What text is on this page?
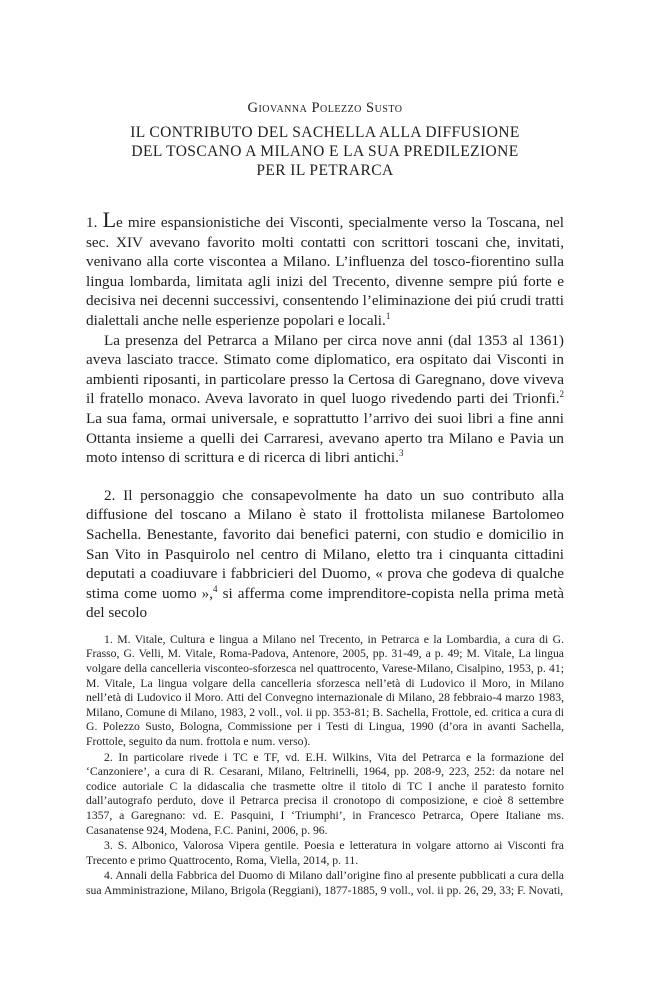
Giovanna Polezzo Susto
IL CONTRIBUTO DEL SACHELLA ALLA DIFFUSIONE
DEL TOSCANO A MILANO E LA SUA PREDILEZIONE
PER IL PETRARCA

1. Le mire espansionistiche dei Visconti, specialmente verso la Toscana, nel sec. XIV avevano favorito molti contatti con scrittori toscani che, invitati, venivano alla corte viscontea a Milano. L’influenza del tosco-fiorentino sulla lingua lombarda, limitata agli inizi del Trecento, divenne sempre piú forte e decisiva nei decenni successivi, consentendo l’eliminazione dei piú crudi tratti dialettali anche nelle esperienze popolari e locali.$^1$

La presenza del Petrarca a Milano per circa nove anni (dal 1353 al 1361) aveva lasciato tracce. Stimato come diplomatico, era ospitato dai Visconti in ambienti riposanti, in particolare presso la Certosa di Garegnano, dove viveva il fratello monaco. Aveva lavorato in quel luogo rivedendo parti dei Trionfi.$^2$ La sua fama, ormai universale, e soprattutto l’arrivo dei suoi libri a fine anni Ottanta insieme a quelli dei Carraresi, avevano aperto tra Milano e Pavia un moto intenso di scrittura e di ricerca di libri antichi.$^3$

2. Il personaggio che consapevolmente ha dato un suo contributo alla diffusione del toscano a Milano è stato il frottolista milanese Bartolomeo Sachella. Benestante, favorito dai benefici paterni, con studio e domicilio in San Vito in Pasquirolo nel centro di Milano, eletto tra i cinquanta cittadini deputati a coadiuvare i fabbricieri del Duomo, « prova che godeva di qualche stima come uomo »,$^4$ si afferma come imprenditore-copista nella prima metà del secolo

1. M. Vitale, Cultura e lingua a Milano nel Trecento, in Petrarca e la Lombardia, a cura di G. Frasso, G. Velli, M. Vitale, Roma-Padova, Antenore, 2005, pp. 31-49, a p. 49; M. Vitale, La lingua volgare della cancelleria visconteo-sforzesca nel quattrocento, Varese-Milano, Cisalpino, 1953, p. 41; M. Vitale, La lingua volgare della cancelleria sforzesca nell’età di Ludovico il Moro, in Milano nell’età di Ludovico il Moro. Atti del Convegno internazionale di Milano, 28 febbraio-4 marzo 1983, Milano, Comune di Milano, 1983, 2 voll., vol. ii pp. 353-81; B. Sachella, Frottole, ed. critica a cura di G. Polezzo Susto, Bologna, Commissione per i Testi di Lingua, 1990 (d’ora in avanti Sachella, Frottole, seguito da num. frottola e num. verso).

2. In particolare rivede i TC e TF, vd. E.H. Wilkins, Vita del Petrarca e la formazione del ‘Canzoniere’, a cura di R. Cesarani, Milano, Feltrinelli, 1964, pp. 208-9, 223, 252: da notare nel codice autoriale C la didascalia che trasmette oltre il titolo di TC I anche il paratesto fornito dall’autografo perduto, dove il Petrarca precisa il cronotopo di composizione, e cioè 8 settembre 1357, a Garegnano: vd. E. Pasquini, I ‘Triumphi’, in Francesco Petrarca, Opere Italiane ms. Casanatense 924, Modena, F.C. Panini, 2006, p. 96.

3. S. Albonico, Valorosa Vipera gentile. Poesia e letteratura in volgare attorno ai Visconti fra Trecento e primo Quattrocento, Roma, Viella, 2014, p. 11.

4. Annali della Fabbrica del Duomo di Milano dall’origine fino al presente pubblicati a cura della sua Amministrazione, Milano, Brigola (Reggiani), 1877-1885, 9 voll., vol. ii pp. 26, 29, 33; F. Novati,
